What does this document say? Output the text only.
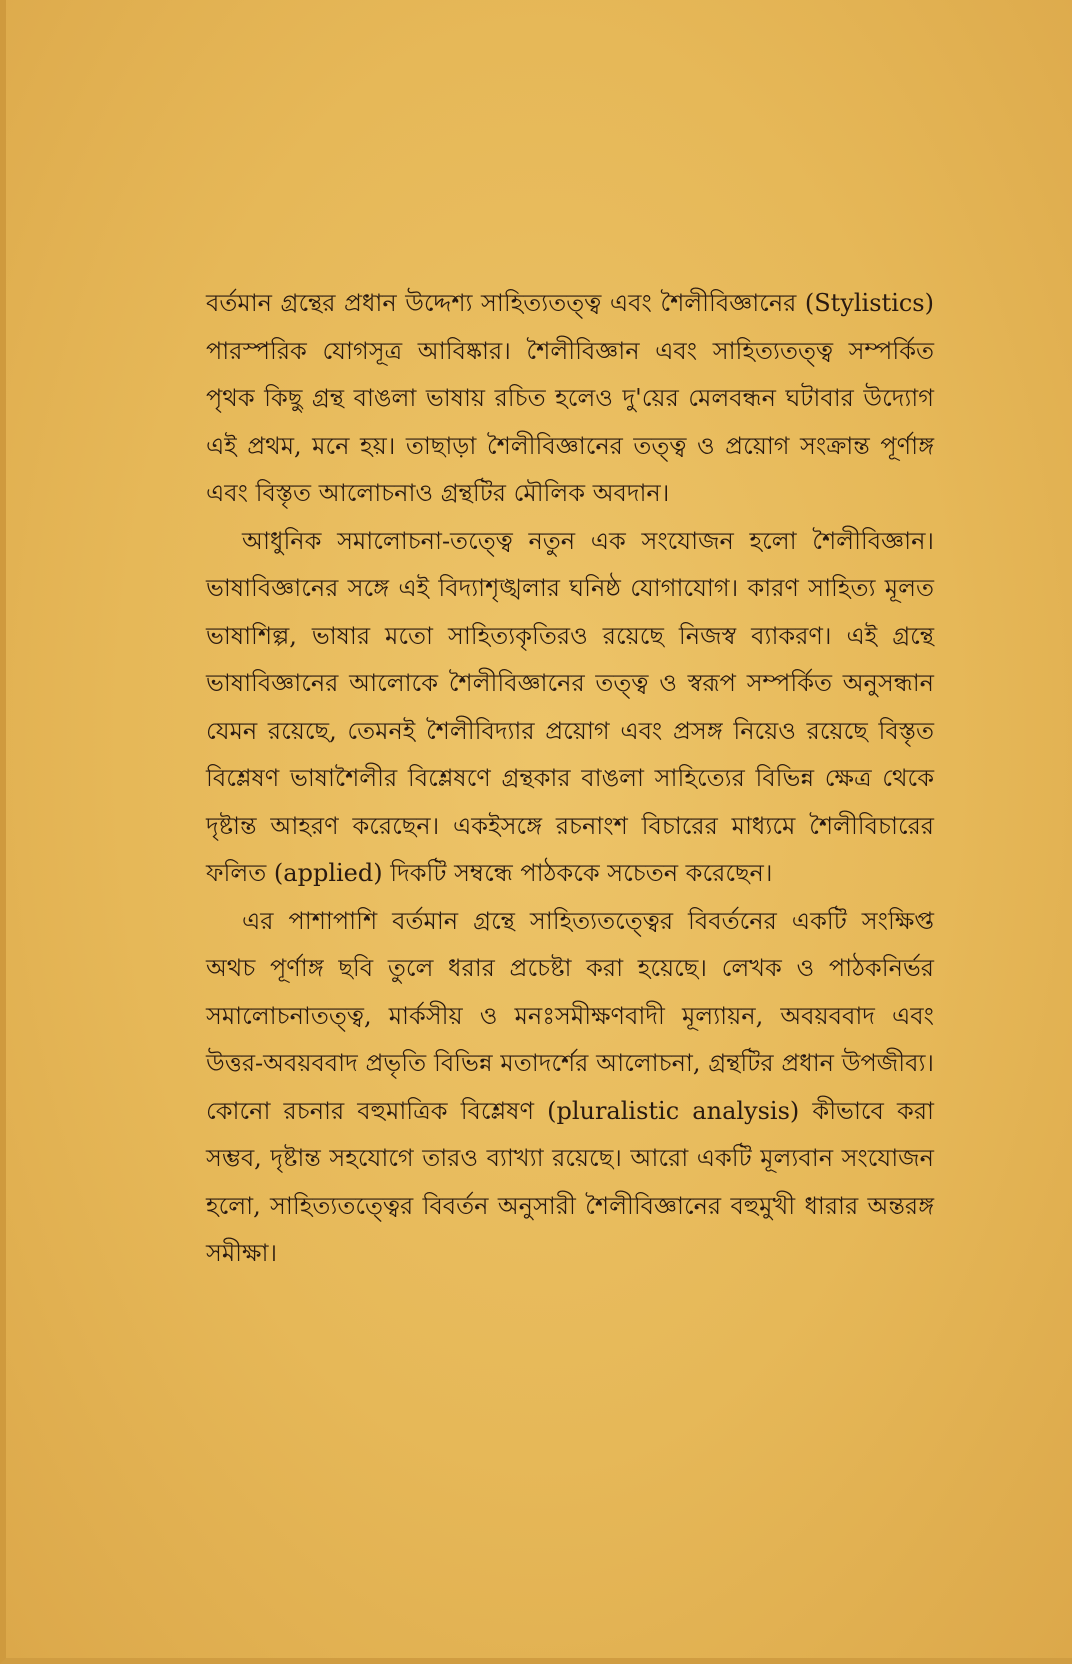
বর্তমান গ্রন্থের প্রধান উদ্দেশ্য সাহিত্যতত্ত্ব এবং শৈলীবিজ্ঞানের (Stylistics) পারস্পরিক যোগসূত্র আবিষ্কার। শৈলীবিজ্ঞান এবং সাহিত্যতত্ত্ব সম্পর্কিত পৃথক কিছু গ্রন্থ বাঙলা ভাষায় রচিত হলেও দু'য়ের মেলবন্ধন ঘটাবার উদ্যোগ এই প্রথম, মনে হয়। তাছাড়া শৈলীবিজ্ঞানের তত্ত্ব ও প্রয়োগ সংক্রান্ত পূর্ণাঙ্গ এবং বিস্তৃত আলোচনাও গ্রন্থটির মৌলিক অবদান।

আধুনিক সমালোচনা-তত্ত্বে নতুন এক সংযোজন হলো শৈলীবিজ্ঞান। ভাষাবিজ্ঞানের সঙ্গে এই বিদ্যাশৃঙ্খলার ঘনিষ্ঠ যোগাযোগ। কারণ সাহিত্য মূলত ভাষাশিল্প, ভাষার মতো সাহিত্যকৃতিরও রয়েছে নিজস্ব ব্যাকরণ। এই গ্রন্থে ভাষাবিজ্ঞানের আলোকে শৈলীবিজ্ঞানের তত্ত্ব ও স্বরূপ সম্পর্কিত অনুসন্ধান যেমন রয়েছে, তেমনই শৈলীবিদ্যার প্রয়োগ এবং প্রসঙ্গ নিয়েও রয়েছে বিস্তৃত বিশ্লেষণ ভাষাশৈলীর বিশ্লেষণে গ্রন্থকার বাঙলা সাহিত্যের বিভিন্ন ক্ষেত্র থেকে দৃষ্টান্ত আহরণ করেছেন। একইসঙ্গে রচনাংশ বিচারের মাধ্যমে শৈলীবিচারের ফলিত (applied) দিকটি সম্বন্ধে পাঠককে সচেতন করেছেন।

এর পাশাপাশি বর্তমান গ্রন্থে সাহিত্যতত্ত্বের বিবর্তনের একটি সংক্ষিপ্ত অথচ পূর্ণাঙ্গ ছবি তুলে ধরার প্রচেষ্টা করা হয়েছে। লেখক ও পাঠকনির্ভর সমালোচনাতত্ত্ব, মার্কসীয় ও মনঃসমীক্ষণবাদী মূল্যায়ন, অবয়ববাদ এবং উত্তর-অবয়ববাদ প্রভৃতি বিভিন্ন মতাদর্শের আলোচনা, গ্রন্থটির প্রধান উপজীব্য। কোনো রচনার বহুমাত্রিক বিশ্লেষণ (pluralistic analysis) কীভাবে করা সম্ভব, দৃষ্টান্ত সহযোগে তারও ব্যাখ্যা রয়েছে। আরো একটি মূল্যবান সংযোজন হলো, সাহিত্যতত্ত্বের বিবর্তন অনুসারী শৈলীবিজ্ঞানের বহুমুখী ধারার অন্তরঙ্গ সমীক্ষা।
